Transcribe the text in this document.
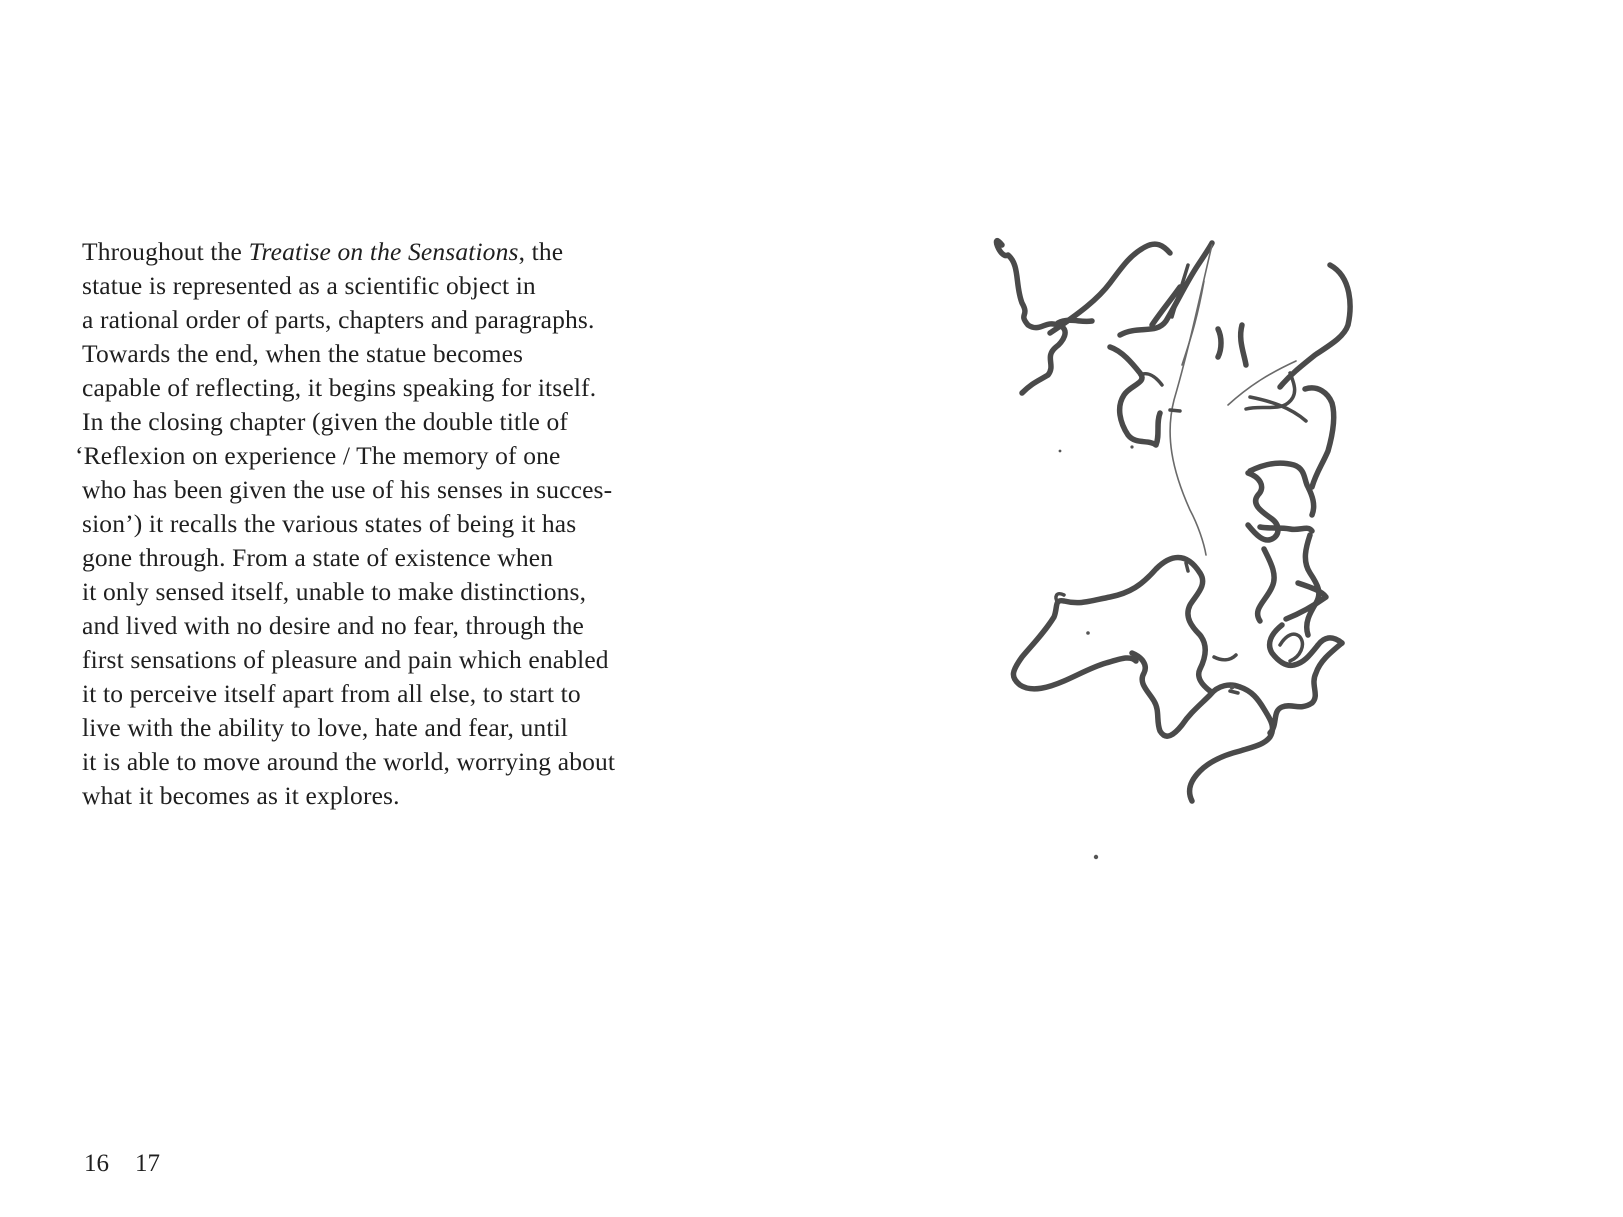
Throughout the Treatise on the Sensations, the
statue is represented as a scientific object in
a rational order of parts, chapters and paragraphs.
Towards the end, when the statue becomes
capable of reflecting, it begins speaking for itself.
In the closing chapter (given the double title of
‘Reflexion on experience / The memory of one
who has been given the use of his senses in succes-
sion’) it recalls the various states of being it has
gone through. From a state of existence when
it only sensed itself, unable to make distinctions,
and lived with no desire and no fear, through the
first sensations of pleasure and pain which enabled
it to perceive itself apart from all else, to start to
live with the ability to love, hate and fear, until
it is able to move around the world, worrying about
what it becomes as it explores.
16 17
